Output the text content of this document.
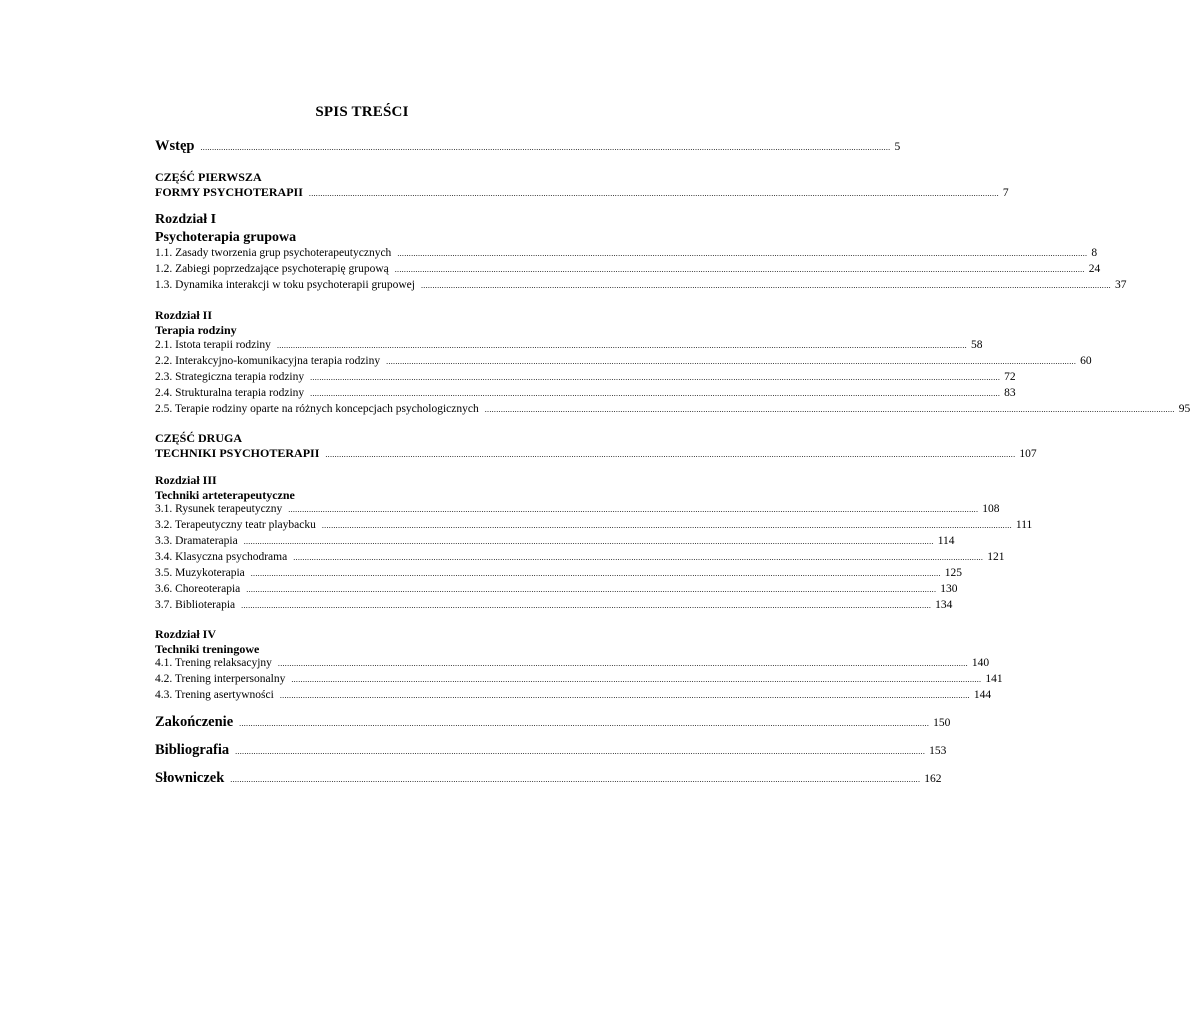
SPIS TREŚCI
Wstęp ............................................................................................................................................................................................................................................................................................................ 5
CZĘŚĆ PIERWSZA
FORMY PSYCHOTERAPII ............................................................................................................................................................................................................................................................................................................ 7
Rozdział I
Psychoterapia grupowa
1.1. Zasady tworzenia grup psychoterapeutycznych ............................................................................................................................................................................................................................................................................................................ 8
1.2. Zabiegi poprzedzające psychoterapię grupową ............................................................................................................................................................................................................................................................................................................ 24
1.3. Dynamika interakcji w toku psychoterapii grupowej ............................................................................................................................................................................................................................................................................................................ 37
Rozdział II
Terapia rodziny
2.1. Istota terapii rodziny ............................................................................................................................................................................................................................................................................................................ 58
2.2. Interakcyjno-komunikacyjna terapia rodziny ............................................................................................................................................................................................................................................................................................................ 60
2.3. Strategiczna terapia rodziny ............................................................................................................................................................................................................................................................................................................ 72
2.4. Strukturalna terapia rodziny ............................................................................................................................................................................................................................................................................................................ 83
2.5. Terapie rodziny oparte na różnych koncepcjach psychologicznych ............................................................................................................................................................................................................................................................................................................ 95
CZĘŚĆ DRUGA
TECHNIKI PSYCHOTERAPII ............................................................................................................................................................................................................................................................................................................ 107
Rozdział III
Techniki arteterapeutyczne
3.1. Rysunek terapeutyczny ............................................................................................................................................................................................................................................................................................................ 108
3.2. Terapeutyczny teatr playbacku ............................................................................................................................................................................................................................................................................................................ 111
3.3. Dramaterapia ............................................................................................................................................................................................................................................................................................................ 114
3.4. Klasyczna psychodrama ............................................................................................................................................................................................................................................................................................................ 121
3.5. Muzykoterapia ............................................................................................................................................................................................................................................................................................................ 125
3.6. Choreoterapia ............................................................................................................................................................................................................................................................................................................ 130
3.7. Biblioterapia ............................................................................................................................................................................................................................................................................................................ 134
Rozdział IV
Techniki treningowe
4.1. Trening relaksacyjny ............................................................................................................................................................................................................................................................................................................ 140
4.2. Trening interpersonalny ............................................................................................................................................................................................................................................................................................................ 141
4.3. Trening asertywności ............................................................................................................................................................................................................................................................................................................ 144
Zakończenie ............................................................................................................................................................................................................................................................................................................ 150
Bibliografia ............................................................................................................................................................................................................................................................................................................ 153
Słowniczek ............................................................................................................................................................................................................................................................................................................ 162
